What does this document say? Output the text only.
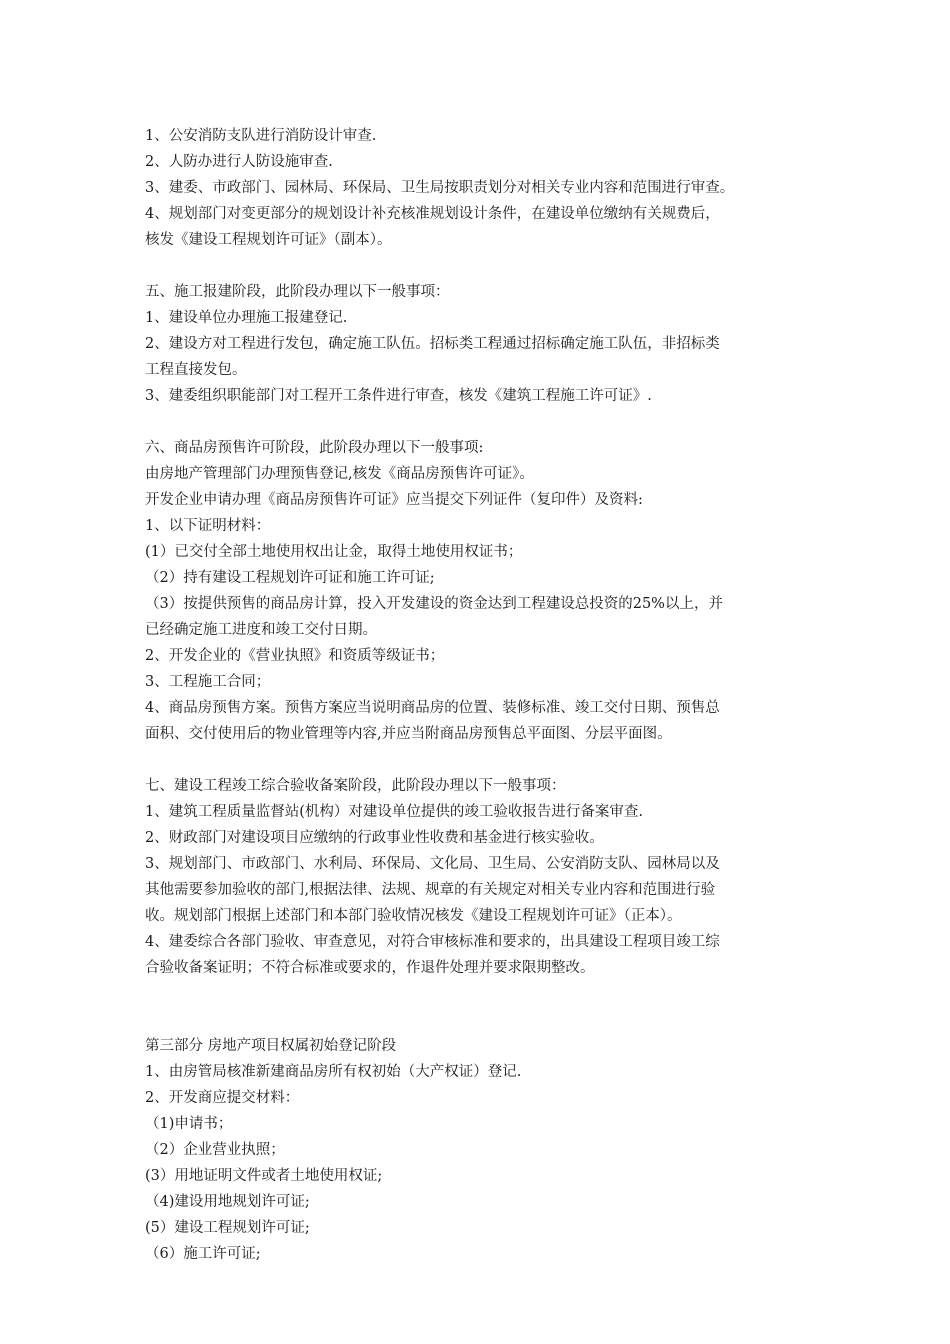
1、公安消防支队进行消防设计审查.
2、人防办进行人防设施审查.
3、建委、市政部门、园林局、环保局、卫生局按职责划分对相关专业内容和范围进行审查。
4、规划部门对变更部分的规划设计补充核准规划设计条件，在建设单位缴纳有关规费后，
核发《建设工程规划许可证》（副本）。
五、施工报建阶段，此阶段办理以下一般事项：
1、建设单位办理施工报建登记.
2、建设方对工程进行发包，确定施工队伍。招标类工程通过招标确定施工队伍，非招标类
工程直接发包。
3、建委组织职能部门对工程开工条件进行审查，核发《建筑工程施工许可证》.
六、商品房预售许可阶段，此阶段办理以下一般事项:
由房地产管理部门办理预售登记,核发《商品房预售许可证》。
开发企业申请办理《商品房预售许可证》应当提交下列证件（复印件）及资料:
1、以下证明材料：
(1）已交付全部土地使用权出让金，取得土地使用权证书；
（2）持有建设工程规划许可证和施工许可证;
（3）按提供预售的商品房计算，投入开发建设的资金达到工程建设总投资的25%以上，并
已经确定施工进度和竣工交付日期。
2、开发企业的《营业执照》和资质等级证书；
3、工程施工合同；
4、商品房预售方案。预售方案应当说明商品房的位置、装修标准、竣工交付日期、预售总
面积、交付使用后的物业管理等内容,并应当附商品房预售总平面图、分层平面图。
七、建设工程竣工综合验收备案阶段，此阶段办理以下一般事项：
1、建筑工程质量监督站(机构）对建设单位提供的竣工验收报告进行备案审查.
2、财政部门对建设项目应缴纳的行政事业性收费和基金进行核实验收。
3、规划部门、市政部门、水利局、环保局、文化局、卫生局、公安消防支队、园林局以及
其他需要参加验收的部门,根据法律、法规、规章的有关规定对相关专业内容和范围进行验
收。规划部门根据上述部门和本部门验收情况核发《建设工程规划许可证》（正本）。
4、建委综合各部门验收、审查意见，对符合审核标准和要求的，出具建设工程项目竣工综
合验收备案证明；不符合标准或要求的，作退件处理并要求限期整改。
第三部分 房地产项目权属初始登记阶段
1、由房管局核准新建商品房所有权初始（大产权证）登记.
2、开发商应提交材料：
（1)申请书；
（2）企业营业执照；
(3）用地证明文件或者土地使用权证;
（4)建设用地规划许可证;
(5）建设工程规划许可证;
（6）施工许可证;
